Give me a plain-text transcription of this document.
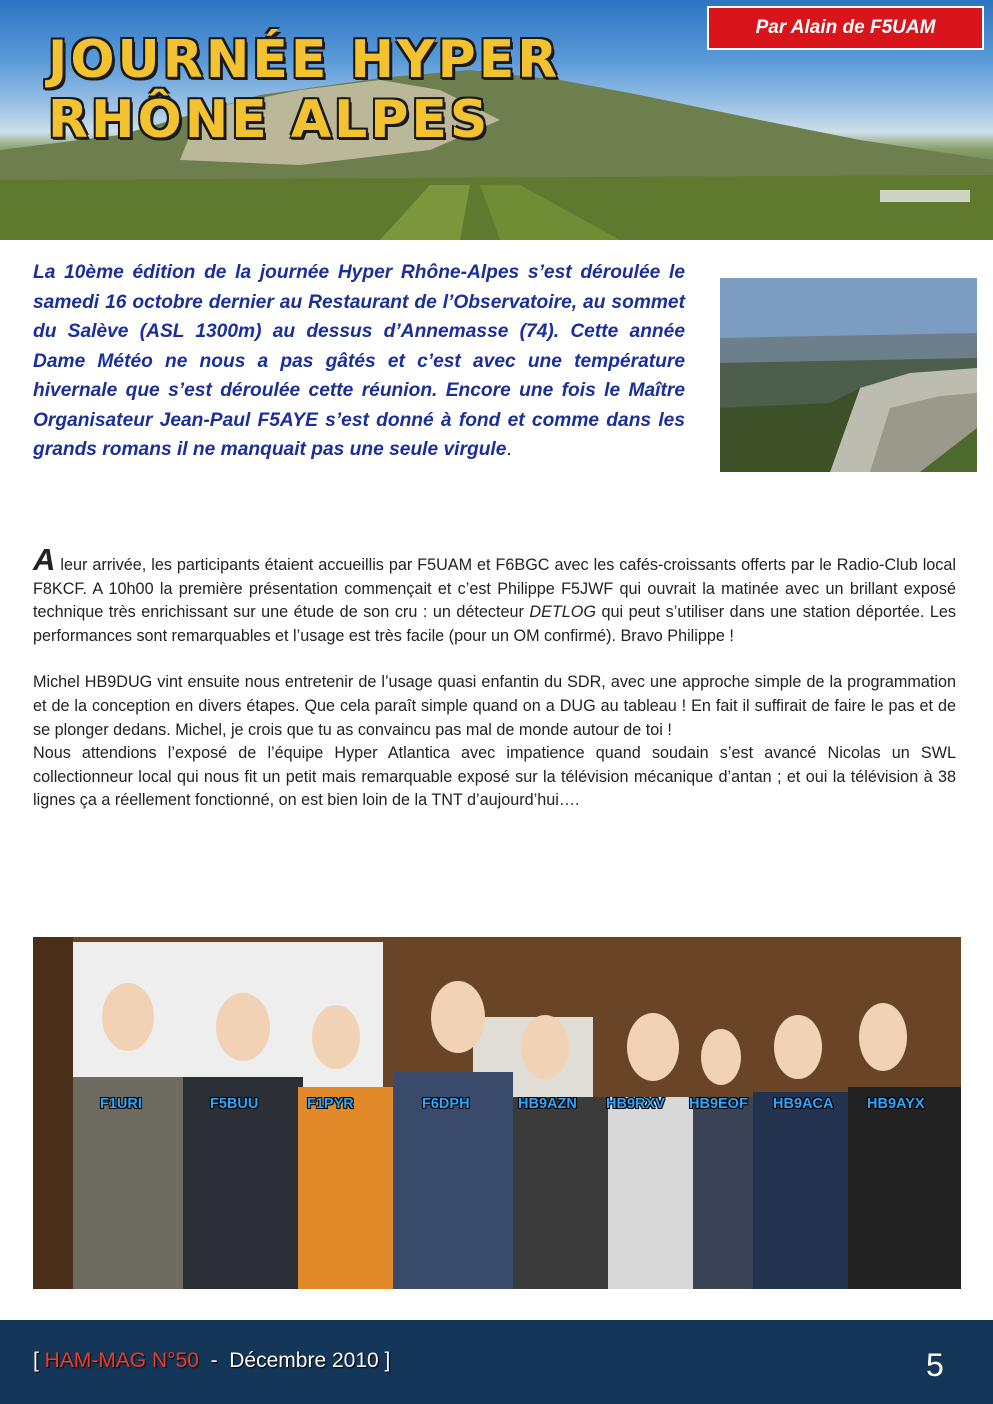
JOURNÉE HYPER
RHÔNE ALPES
Par Alain de F5UAM
La 10ème édition de la journée Hyper Rhône-Alpes s’est déroulée le samedi 16 octobre dernier au Restaurant de l’Observatoire, au sommet du Salève (ASL 1300m) au dessus d’Annemasse (74). Cette année Dame Météo ne nous a pas gâtés et c’est avec une température hivernale que s’est déroulée cette réunion. Encore une fois le Maître Organisateur Jean-Paul F5AYE s’est donné à fond et comme dans les grands romans il ne manquait pas une seule virgule.

A leur arrivée, les participants étaient accueillis par F5UAM et F6BGC avec les cafés-croissants offerts par le Radio-Club local F8KCF. A 10h00 la première présentation commençait et c’est Philippe F5JWF qui ouvrait la matinée avec un brillant exposé technique très enrichissant sur une étude de son cru : un détecteur DETLOG qui peut s’utiliser dans une station déportée. Les performances sont remarquables et l’usage est très facile (pour un OM confirmé). Bravo Philippe !

Michel HB9DUG vint ensuite nous entretenir de l’usage quasi enfantin du SDR, avec une approche simple de la programmation et de la conception en divers étapes. Que cela paraît simple quand on a DUG au tableau ! En fait il suffirait de faire le pas et de se plonger dedans. Michel, je crois que tu as convaincu pas mal de monde autour de toi !

Nous attendions l’exposé de l’équipe Hyper Atlantica avec impatience quand soudain s’est avancé Nicolas un SWL collectionneur local qui nous fit un petit mais remarquable exposé sur la télévision mécanique d’antan ; et oui la télévision à 38 lignes ça a réellement fonctionné, on est bien loin de la TNT d’aujourd’hui….

F1URI	F5BUU	F1PYR	F6DPH	HB9AZN HB9RXV HB9EOF HB9ACA HB9AYX
[ HAM-MAG N°50  -  Décembre 2010 ]	5
